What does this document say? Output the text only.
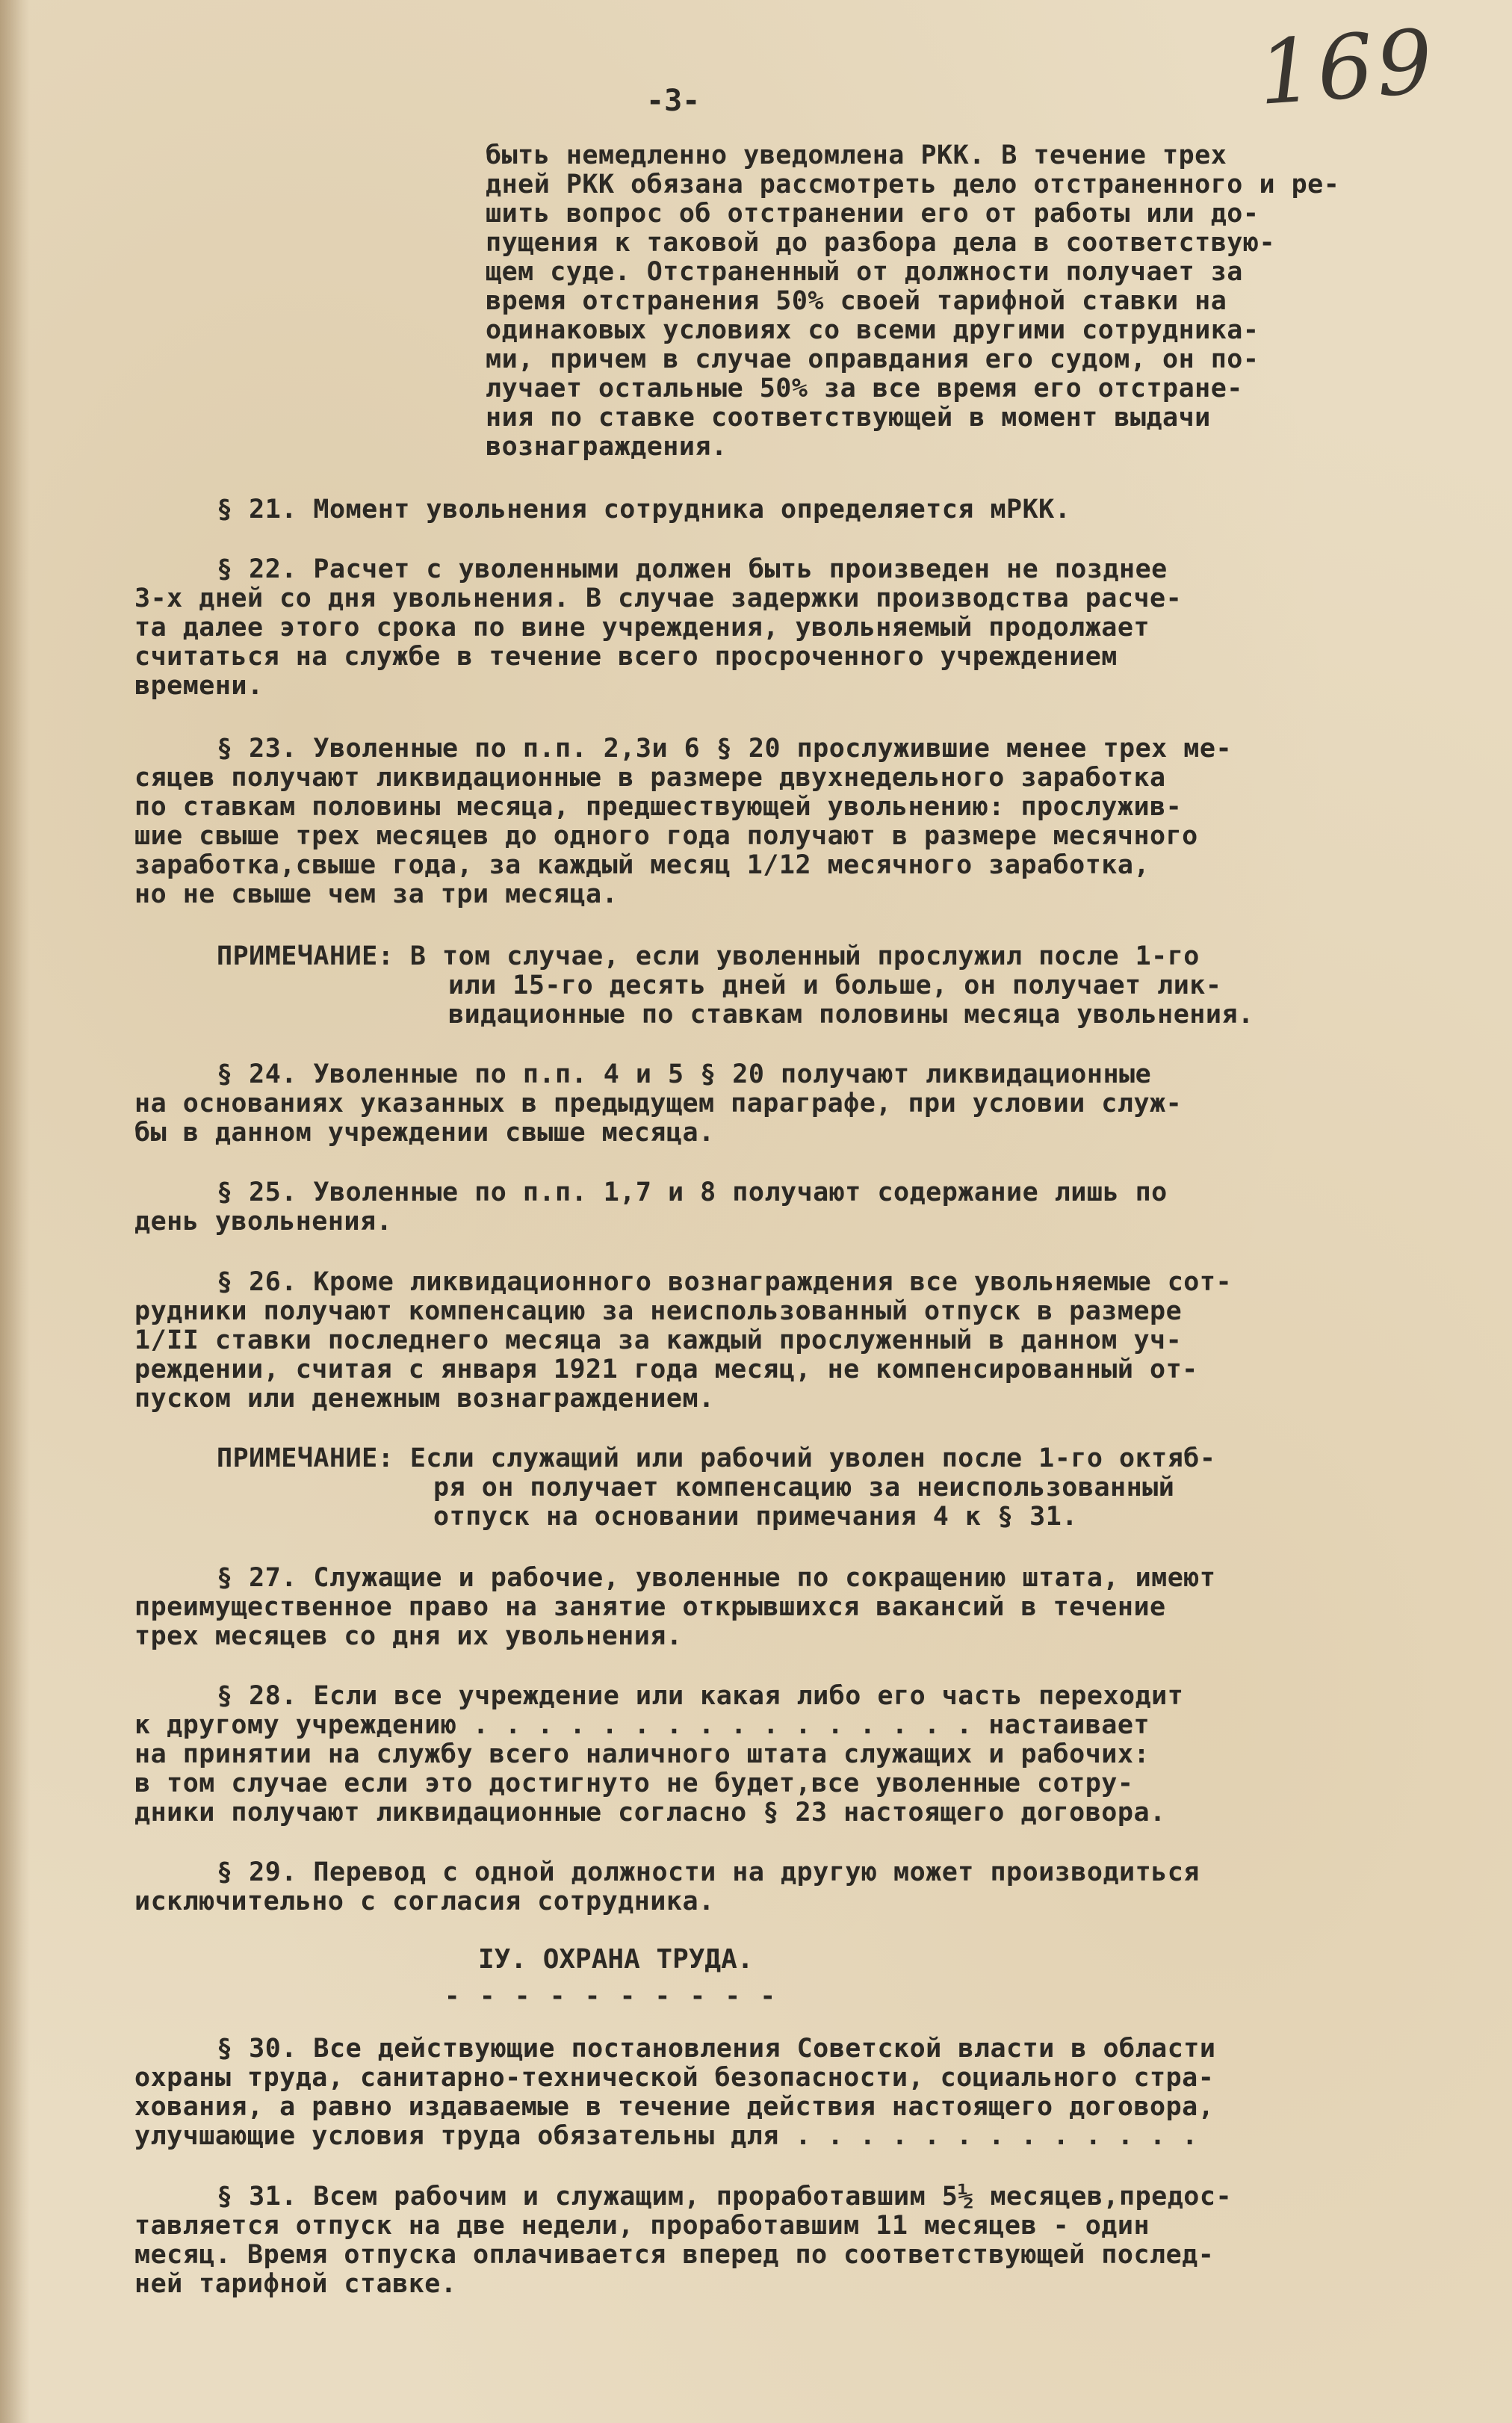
169
-3-
быть немедленно уведомлена РКК. В течение трех
дней РКК обязана рассмотреть дело отстраненного и ре-
шить вопрос об отстранении его от работы или до-
пущения к таковой до разбора дела в соответствую-
щем суде. Отстраненный от должности получает за
время отстранения 50% своей тарифной ставки на
одинаковых условиях со всеми другими сотрудника-
ми, причем в случае оправдания его судом, он по-
лучает остальные 50% за все время его отстране-
ния по ставке соответствующей в момент выдачи
вознаграждения.
§ 21. Момент увольнения сотрудника определяется мРКК.
§ 22. Расчет с уволенными должен быть произведен не позднее
3-х дней со дня увольнения. В случае задержки производства расче-
та далее этого срока по вине учреждения, увольняемый продолжает
считаться на службе в течение всего просроченного учреждением
времени.
§ 23. Уволенные по п.п. 2,3и 6 § 20 прослужившие менее трех ме-
сяцев получают ликвидационные в размере двухнедельного заработка
по ставкам половины месяца, предшествующей увольнению: прослужив-
шие свыше трех месяцев до одного года получают в размере месячного
заработка,свыше года, за каждый месяц 1/12 месячного заработка,
но не свыше чем за три месяца.
ПРИМЕЧАНИЕ: В том случае, если уволенный прослужил после 1-го
или 15-го десять дней и больше, он получает лик-
видационные по ставкам половины месяца увольнения.
§ 24. Уволенные по п.п. 4 и 5 § 20 получают ликвидационные
на основаниях указанных в предыдущем параграфе, при условии служ-
бы в данном учреждении свыше месяца.
§ 25. Уволенные по п.п. 1,7 и 8 получают содержание лишь по
день увольнения.
§ 26. Кроме ликвидационного вознаграждения все увольняемые сот-
рудники получают компенсацию за неиспользованный отпуск в размере
1/II ставки последнего месяца за каждый прослуженный в данном уч-
реждении, считая с января 1921 года месяц, не компенсированный от-
пуском или денежным вознаграждением.
ПРИМЕЧАНИЕ: Если служащий или рабочий уволен после 1-го октяб-
ря он получает компенсацию за неиспользованный
отпуск на основании примечания 4 к § 31.
§ 27. Служащие и рабочие, уволенные по сокращению штата, имеют
преимущественное право на занятие открывшихся вакансий в течение
трех месяцев со дня их увольнения.
§ 28. Если все учреждение или какая либо его часть переходит
к другому учреждению . . . . . . . . . . . . . . . . настаивает
на принятии на службу всего наличного штата служащих и рабочих:
в том случае если это достигнуто не будет,все уволенные сотру-
дники получают ликвидационные согласно § 23 настоящего договора.
§ 29. Перевод с одной должности на другую может производиться
исключительно с согласия сотрудника.
IУ. ОХРАНА ТРУДА.
- - - - - - - - - -
§ 30. Все действующие постановления Советской власти в области
охраны труда, санитарно-технической безопасности, социального стра-
хования, а равно издаваемые в течение действия настоящего договора,
улучшающие условия труда обязательны для . . . . . . . . . . . . .
§ 31. Всем рабочим и служащим, проработавшим 5½ месяцев,предос-
тавляется отпуск на две недели, проработавшим 11 месяцев - один
месяц. Время отпуска оплачивается вперед по соответствующей послед-
ней тарифной ставке.
